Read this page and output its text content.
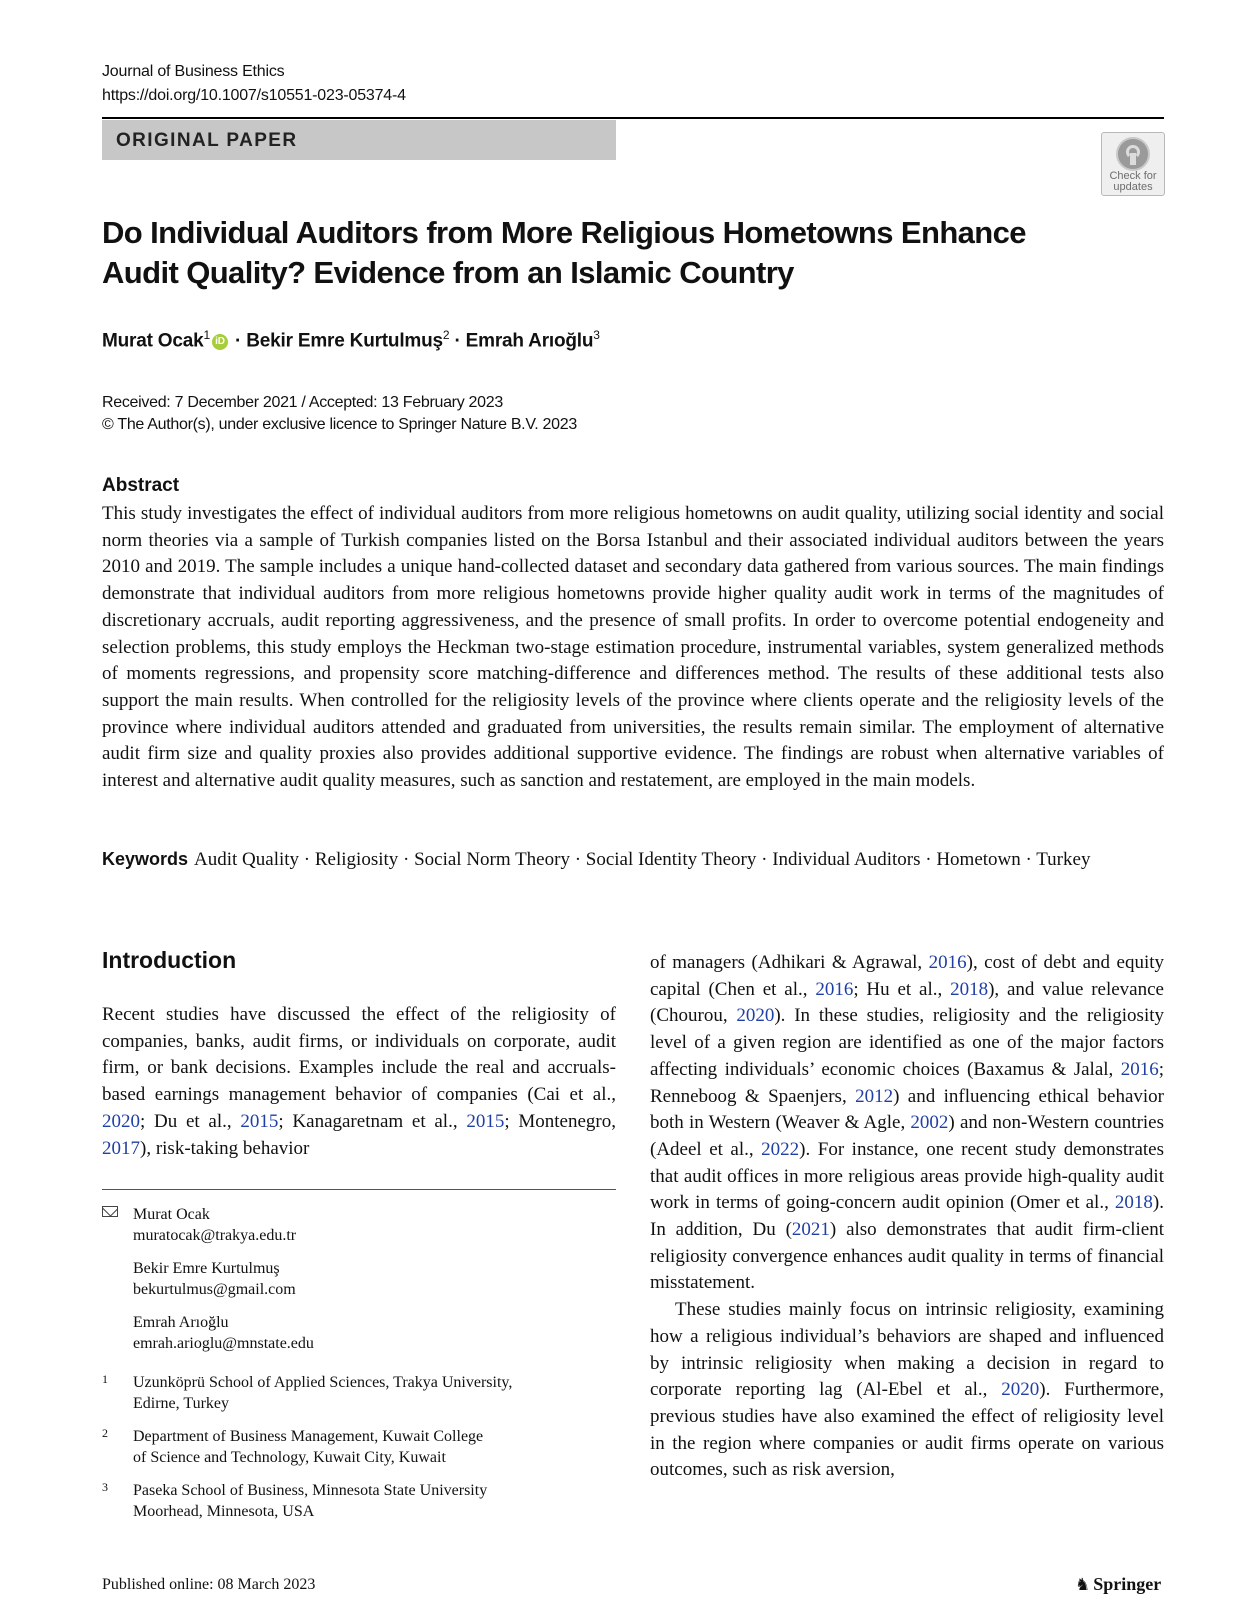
Journal of Business Ethics
https://doi.org/10.1007/s10551-023-05374-4
ORIGINAL PAPER
Check for updates
Do Individual Auditors from More Religious Hometowns Enhance
Audit Quality? Evidence from an Islamic Country
Murat Ocak$^1$ iD · Bekir Emre Kurtulmuş$^2$ · Emrah Arıoğlu$^3$
Received: 7 December 2021 / Accepted: 13 February 2023
© The Author(s), under exclusive licence to Springer Nature B.V. 2023
Abstract

This study investigates the effect of individual auditors from more religious hometowns on audit quality, utilizing social identity and social norm theories via a sample of Turkish companies listed on the Borsa Istanbul and their associated individual auditors between the years 2010 and 2019. The sample includes a unique hand-collected dataset and secondary data gathered from various sources. The main findings demonstrate that individual auditors from more religious hometowns provide higher quality audit work in terms of the magnitudes of discretionary accruals, audit reporting aggressiveness, and the presence of small profits. In order to overcome potential endogeneity and selection problems, this study employs the Heckman two-stage estimation procedure, instrumental variables, system generalized methods of moments regressions, and propensity score matching-difference and differences method. The results of these additional tests also support the main results. When controlled for the religiosity levels of the province where clients operate and the religiosity levels of the province where individual auditors attended and graduated from universities, the results remain similar. The employment of alternative audit firm size and quality proxies also provides additional supportive evidence. The findings are robust when alternative variables of interest and alternative audit quality measures, such as sanction and restatement, are employed in the main models.

Keywords Audit Quality · Religiosity · Social Norm Theory · Social Identity Theory · Individual Auditors · Hometown · Turkey
Introduction

Recent studies have discussed the effect of the religiosity of companies, banks, audit firms, or individuals on corporate, audit firm, or bank decisions. Examples include the real and accruals-based earnings management behavior of companies (Cai et al., 2020; Du et al., 2015; Kanagaretnam et al., 2015; Montenegro, 2017), risk-taking behavior

of managers (Adhikari & Agrawal, 2016), cost of debt and equity capital (Chen et al., 2016; Hu et al., 2018), and value relevance (Chourou, 2020). In these studies, religiosity and the religiosity level of a given region are identified as one of the major factors affecting individuals’ economic choices (Baxamus & Jalal, 2016; Renneboog & Spaenjers, 2012) and influencing ethical behavior both in Western (Weaver & Agle, 2002) and non-Western countries (Adeel et al., 2022). For instance, one recent study demonstrates that audit offices in more religious areas provide high-quality audit work in terms of going-concern audit opinion (Omer et al., 2018). In addition, Du (2021) also demonstrates that audit firm-client religiosity convergence enhances audit quality in terms of financial misstatement.

These studies mainly focus on intrinsic religiosity, examining how a religious individual’s behaviors are shaped and influenced by intrinsic religiosity when making a decision in regard to corporate reporting lag (Al-Ebel et al., 2020). Furthermore, previous studies have also examined the effect of religiosity level in the region where companies or audit firms operate on various outcomes, such as risk aversion,

Murat Ocak
muratocak@trakya.edu.tr
Bekir Emre Kurtulmuş
bekurtulmus@gmail.com
Emrah Arıoğlu
emrah.arioglu@mnstate.edu
1 Uzunköprü School of Applied Sciences, Trakya University,
Edirne, Turkey
2 Department of Business Management, Kuwait College
of Science and Technology, Kuwait City, Kuwait
3 Paseka School of Business, Minnesota State University
Moorhead, Minnesota, USA
Published online: 08 March 2023	♞ Springer
